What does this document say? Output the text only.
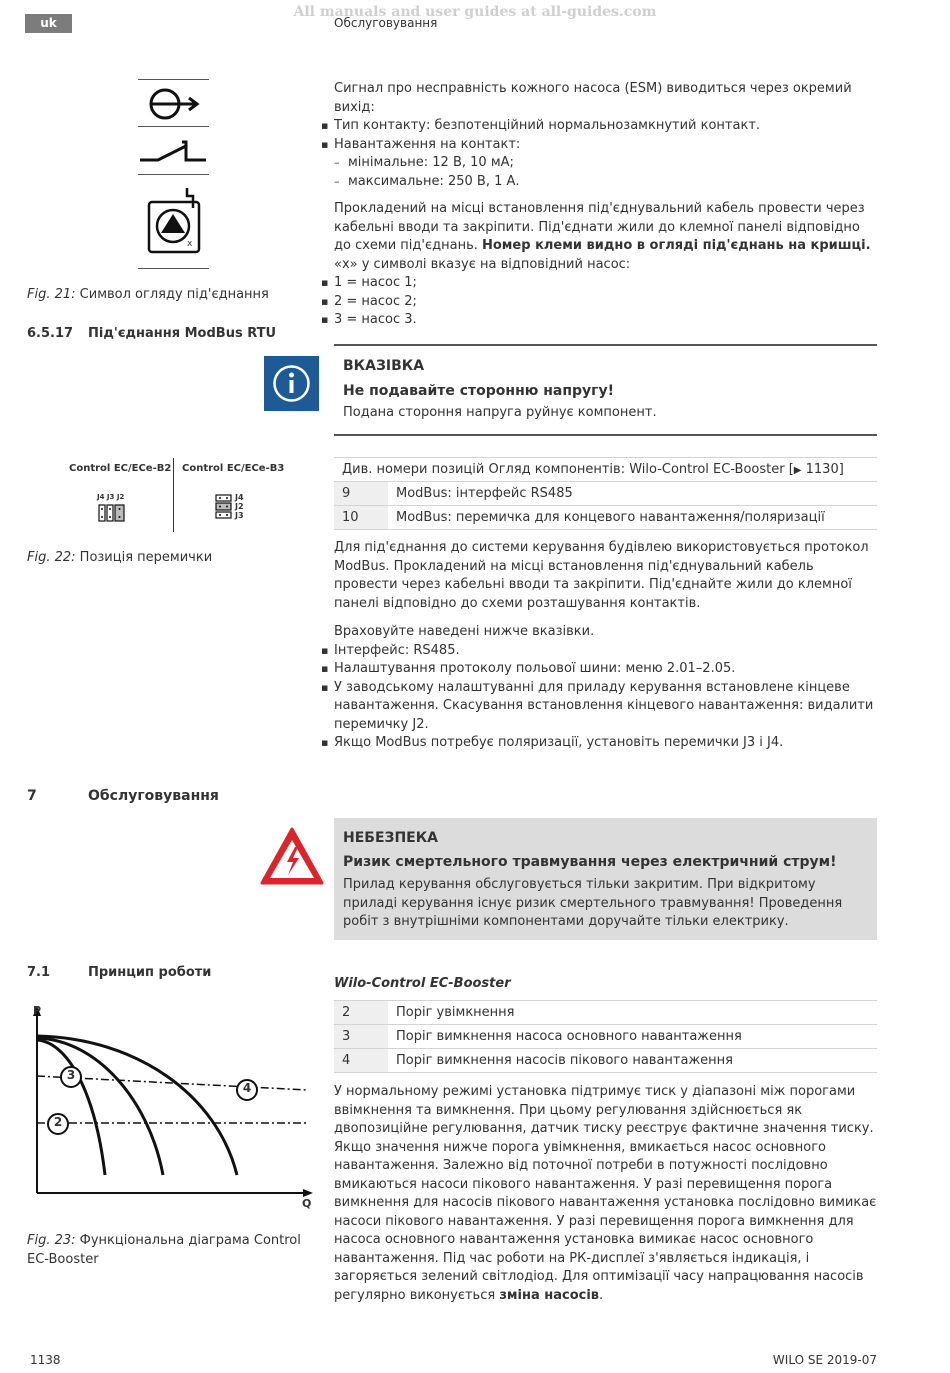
uk
All manuals and user guides at all-guides.com
Обслуговування
x
Fig. 21: Символ огляду під'єднання
Сигнал про несправність кожного насоса (ESM) виводиться через окремий вихід:
▪ Тип контакту: безпотенційний нормальнозамкнутий контакт.
▪ Навантаження на контакт:
– мінімальне: 12 В, 10 мА;
– максимальне: 250 В, 1 А.
Прокладений на місці встановлення під'єднувальний кабель провести через кабельні вводи та закріпити. Під'єднати жили до клемної панелі відповідно до схеми під'єднань. Номер клеми видно в огляді під'єднань на кришці. «x» у символі вказує на відповідний насос:
▪ 1 = насос 1;
▪ 2 = насос 2;
▪ 3 = насос 3.
6.5.17 Під'єднання ModBus RTU
ВКАЗІВКА
Не подавайте сторонню напругу!
Подана стороння напруга руйнує компонент.
Control EC/ECe-B2 Control EC/ECe-B3
J4 J3 J2	J4
J2
J3
Fig. 22: Позиція перемички
Див. номери позицій Огляд компонентів: Wilo-Control EC-Booster [▶ 1130]
9	ModBus: інтерфейс RS485
10	ModBus: перемичка для концевого навантаження/поляризації
Для під'єднання до системи керування будівлею використовується протокол ModBus. Прокладений на місці встановлення під'єднувальний кабель провести через кабельні вводи та закріпити. Під'єднайте жили до клемної панелі відповідно до схеми розташування контактів.
Враховуйте наведені нижче вказівки.
▪ Інтерфейс: RS485.
▪ Налаштування протоколу польової шини: меню 2.01–2.05.
▪ У заводському налаштуванні для приладу керування встановлене кінцеве навантаження. Скасування встановлення кінцевого навантаження: видалити перемичку J2.
▪ Якщо ModBus потребує поляризації, установіть перемички J3 і J4.
7	Обслуговування
НЕБЕЗПЕКА
Ризик смертельного травмування через електричний струм!
Прилад керування обслуговується тільки закритим. При відкритому приладі керування існує ризик смертельного травмування! Проведення робіт з внутрішніми компонентами доручайте тільки електрику.
7.1	Принцип роботи
P
Q
3
2
4
Fig. 23: Функціональна діаграма Control EC-Booster
Wilo-Control EC-Booster
2	Поріг увімкнення
3	Поріг вимкнення насоса основного навантаження
4	Поріг вимкнення насосів пікового навантаження
У нормальному режимі установка підтримує тиск у діапазоні між порогами ввімкнення та вимкнення. При цьому регулювання здійснюється як двопозиційне регулювання, датчик тиску реєструє фактичне значення тиску. Якщо значення нижче порога увімкнення, вмикається насос основного навантаження. Залежно від поточної потреби в потужності послідовно вмикаються насоси пікового навантаження. У разі перевищення порога вимкнення для насосів пікового навантаження установка послідовно вимикає насоси пікового навантаження. У разі перевищення порога вимкнення для насоса основного навантаження установка вимикає насос основного навантаження. Під час роботи на РК-дисплеї з'являється індикація, і загоряється зелений світлодіод. Для оптимізації часу напрацювання насосів регулярно виконується зміна насосів.
1138	WILO SE 2019-07
